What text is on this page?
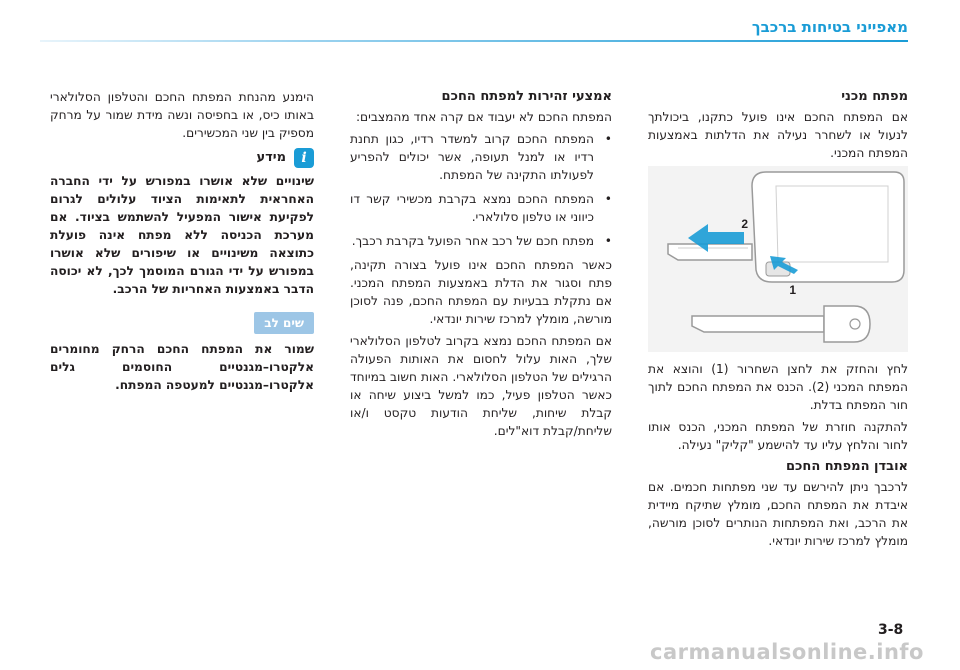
מאפייני בטיחות ברכבך
מפתח מכני

אם המפתח החכם אינו פועל כתקנו, ביכולתך לנעול או לשחרר נעילה את הדלתות באמצעות המפתח המכני.

1
2

לחץ והחזק את לחצן השחרור (1) והוצא את המפתח המכני (2). הכנס את המפתח החכם לתוך חור המפתח בדלת.

להתקנה חוזרת של המפתח המכני, הכנס אותו לחור והלחץ עליו עד להישמע "קליק" נעילה.

אובדן המפתח החכם

לרכבך ניתן להירשם עד שני מפתחות חכמים. אם איבדת את המפתח החכם, מומלץ שתיקח מיידית את הרכב, ואת המפתחות הנותרים לסוכן מורשה, מומלץ למרכז שירות יונדאי.

אמצעי זהירות למפתח החכם

המפתח החכם לא יעבוד אם קרה אחד מהמצבים:

• המפתח החכם קרוב למשדר רדיו, כגון תחנת רדיו או למנל תעופה, אשר יכולים להפריע לפעולתו התקינה של המפתח.
• המפתח החכם נמצא בקרבת מכשירי קשר דו כיווני או טלפון סלולארי.
• מפתח חכם של רכב אחר הפועל בקרבת רכבך.

כאשר המפתח החכם אינו פועל בצורה תקינה, פתח וסגור את הדלת באמצעות המפתח המכני. אם נתקלת בבעיות עם המפתח החכם, פנה לסוכן מורשה, מומלץ למרכז שירות יונדאי.

אם המפתח החכם נמצא בקרוב לטלפון הסלולארי שלך, האות עלול לחסום את האותות הפעולה הרגילים של הטלפון הסלולארי. האות חשוב במיוחד כאשר הטלפון פעיל, כמו למשל ביצוע שיחה או קבלת שיחות, שליחת הודעות טקסט ו/או שליחת/קבלת דוא"לים.

הימנע מהנחת המפתח החכם והטלפון הסלולארי באותו כיס, או בחפיסה ונשה מידת שמור על מרחק מספיק בין שני המכשירים.

i
מידע

שינויים שלא אושרו במפורש על ידי החברה האחראית לתאימות הציוד עלולים לגרום לפקיעת אישור המפעיל להשתמש בציוד. אם מערכת הכניסה ללא מפתח אינה פועלת כתוצאה משינויים או שיפורים שלא אושרו במפורש על ידי הגורם המוסמך לכך, לא יכוסה הדבר באמצעות האחריות של הרכב.

שים לב

שמור את המפתח החכם הרחק מחומרים אלקטרו–מגנטיים החוסמים גלים אלקטרו–מגנטיים למעטפה המפתח.

3-8
carmanualsonline.info
